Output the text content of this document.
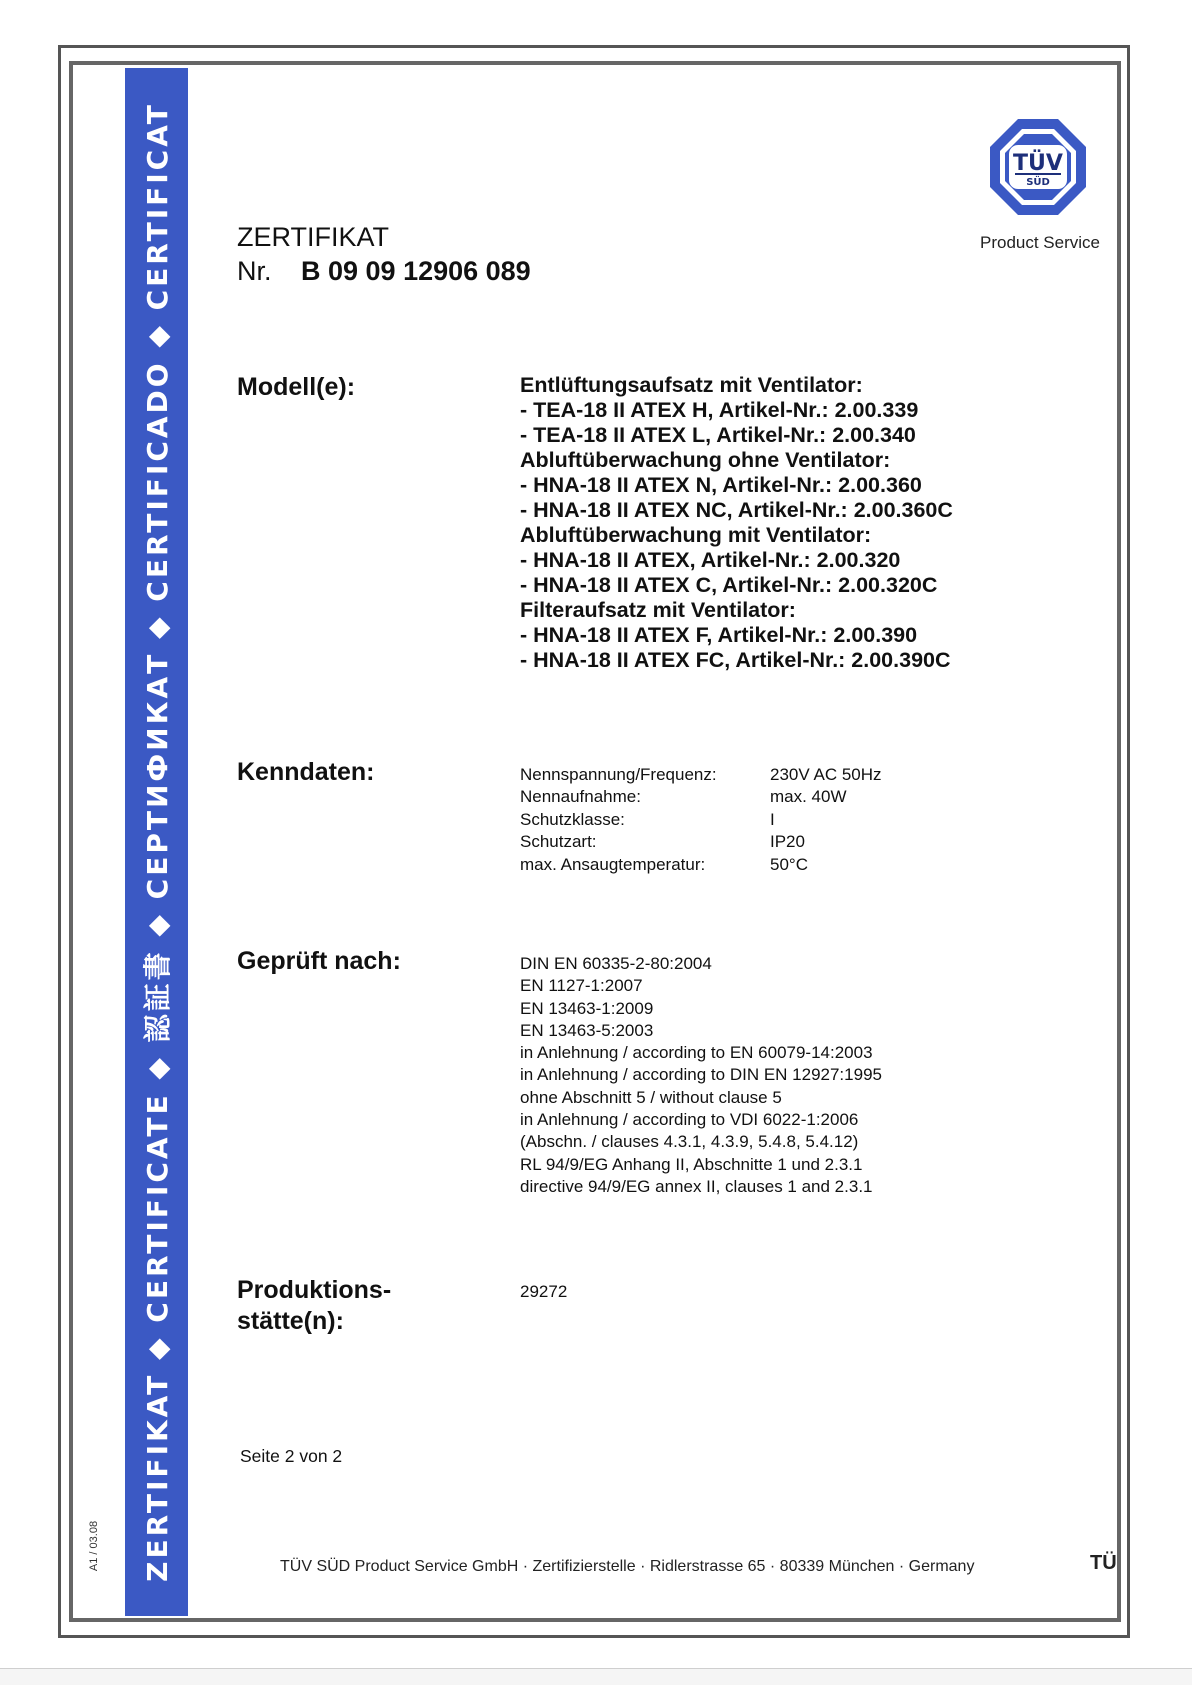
ZERTIFIKAT ◆ CERTIFICATE ◆ 認証書 ◆ СЕРТИФИКАТ ◆ CERTIFICADO ◆ CERTIFICAT
A1 / 03.08
TÜV
SÜD
Product Service
ZERTIFIKAT
Nr. B 09 09 12906 089
Modell(e):	Entlüftungsaufsatz mit Ventilator:
- TEA-18 II ATEX H, Artikel-Nr.: 2.00.339
- TEA-18 II ATEX L, Artikel-Nr.: 2.00.340
Abluftüberwachung ohne Ventilator:
- HNA-18 II ATEX N, Artikel-Nr.: 2.00.360
- HNA-18 II ATEX NC, Artikel-Nr.: 2.00.360C
Abluftüberwachung mit Ventilator:
- HNA-18 II ATEX, Artikel-Nr.: 2.00.320
- HNA-18 II ATEX C, Artikel-Nr.: 2.00.320C
Filteraufsatz mit Ventilator:
- HNA-18 II ATEX F, Artikel-Nr.: 2.00.390
- HNA-18 II ATEX FC, Artikel-Nr.: 2.00.390C
Kenndaten:	Nennspannung/Frequenz:	230V AC 50Hz
Nennaufnahme:	max. 40W
Schutzklasse:	I
Schutzart:	IP20
max. Ansaugtemperatur:	50°C
Geprüft nach:	DIN EN 60335-2-80:2004
EN 1127-1:2007
EN 13463-1:2009
EN 13463-5:2003
in Anlehnung / according to EN 60079-14:2003
in Anlehnung / according to DIN EN 12927:1995
ohne Abschnitt 5 / without clause 5
in Anlehnung / according to VDI 6022-1:2006
(Abschn. / clauses 4.3.1, 4.3.9, 5.4.8, 5.4.12)
RL 94/9/EG Anhang II, Abschnitte 1 und 2.3.1
directive 94/9/EG annex II, clauses 1 and 2.3.1
Produktions-
stätte(n):
29272
Seite 2 von 2
TÜV SÜD Product Service GmbH · Zertifizierstelle · Ridlerstrasse 65 · 80339 München · Germany	TÜ
